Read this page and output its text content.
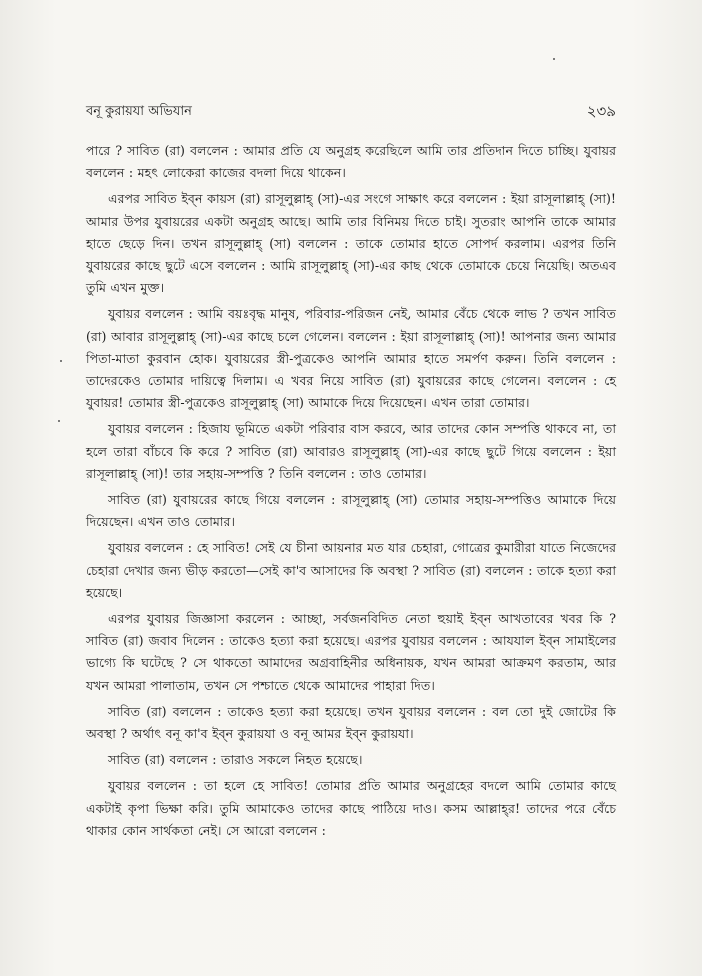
বনূ কুরায়যা অভিযান	২৩৯

পারে ? সাবিত (রা) বললেন : আমার প্রতি যে অনুগ্রহ করেছিলে আমি তার প্রতিদান দিতে চাচ্ছি। যুবায়র বললেন : মহৎ লোকেরা কাজের বদলা দিয়ে থাকেন।

এরপর সাবিত ইব্‌ন কায়স (রা) রাসূলুল্লাহ্‌ (সা)-এর সংগে সাক্ষাৎ করে বললেন : ইয়া রাসূলাল্লাহ্‌ (সা)! আমার উপর যুবায়রের একটা অনুগ্রহ আছে। আমি তার বিনিময় দিতে চাই। সুতরাং আপনি তাকে আমার হাতে ছেড়ে দিন। তখন রাসূলুল্লাহ্‌ (সা) বললেন : তাকে তোমার হাতে সোপর্দ করলাম। এরপর তিনি যুবায়রের কাছে ছুটে এসে বললেন : আমি রাসূলুল্লাহ্‌ (সা)-এর কাছ থেকে তোমাকে চেয়ে নিয়েছি। অতএব তুমি এখন মুক্ত।

যুবায়র বললেন : আমি বয়ঃবৃদ্ধ মানুষ, পরিবার-পরিজন নেই, আমার বেঁচে থেকে লাভ ? তখন সাবিত (রা) আবার রাসূলুল্লাহ্‌ (সা)-এর কাছে চলে গেলেন। বললেন : ইয়া রাসূলাল্লাহ্‌ (সা)! আপনার জন্য আমার পিতা-মাতা কুরবান হোক। যুবায়রের স্ত্রী-পুত্রকেও আপনি আমার হাতে সমর্পণ করুন। তিনি বললেন : তাদেরকেও তোমার দায়িত্বে দিলাম। এ খবর নিয়ে সাবিত (রা) যুবায়রের কাছে গেলেন। বললেন : হে যুবায়র! তোমার স্ত্রী-পুত্রকেও রাসূলুল্লাহ্‌ (সা) আমাকে দিয়ে দিয়েছেন। এখন তারা তোমার।

যুবায়র বললেন : হিজায ভূমিতে একটা পরিবার বাস করবে, আর তাদের কোন সম্পত্তি থাকবে না, তা হলে তারা বাঁচবে কি করে ? সাবিত (রা) আবারও রাসূলুল্লাহ্‌ (সা)-এর কাছে ছুটে গিয়ে বললেন : ইয়া রাসূলাল্লাহ্‌ (সা)! তার সহায়-সম্পত্তি ? তিনি বললেন : তাও তোমার।

সাবিত (রা) যুবায়রের কাছে গিয়ে বললেন : রাসূলুল্লাহ্‌ (সা) তোমার সহায়-সম্পত্তিও আমাকে দিয়ে দিয়েছেন। এখন তাও তোমার।

যুবায়র বললেন : হে সাবিত! সেই যে চীনা আয়নার মত যার চেহারা, গোত্রের কুমারীরা যাতে নিজেদের চেহারা দেখার জন্য ভীড় করতো—সেই কা'ব আসাদের কি অবস্থা ? সাবিত (রা) বললেন : তাকে হত্যা করা হয়েছে।

এরপর যুবায়র জিজ্ঞাসা করলেন : আচ্ছা, সর্বজনবিদিত নেতা হুয়াই ইব্‌ন আখতাবের খবর কি ? সাবিত (রা) জবাব দিলেন : তাকেও হত্যা করা হয়েছে। এরপর যুবায়র বললেন : আযযাল ইব্‌ন সামাইলের ভাগ্যে কি ঘটেছে ? সে থাকতো আমাদের অগ্রবাহিনীর অধিনায়ক, যখন আমরা আক্রমণ করতাম, আর যখন আমরা পালাতাম, তখন সে পশ্চাতে থেকে আমাদের পাহারা দিত।

সাবিত (রা) বললেন : তাকেও হত্যা করা হয়েছে। তখন যুবায়র বললেন : বল তো দুই জোটের কি অবস্থা ? অর্থাৎ বনূ কা'ব ইব্‌ন কুরায়যা ও বনূ আমর ইব্‌ন কুরায়যা।

সাবিত (রা) বললেন : তারাও সকলে নিহত হয়েছে।

যুবায়র বললেন : তা হলে হে সাবিত! তোমার প্রতি আমার অনুগ্রহের বদলে আমি তোমার কাছে একটাই কৃপা ভিক্ষা করি। তুমি আমাকেও তাদের কাছে পাঠিয়ে দাও। কসম আল্লাহ্‌র! তাদের পরে বেঁচে থাকার কোন সার্থকতা নেই। সে আরো বললেন :
